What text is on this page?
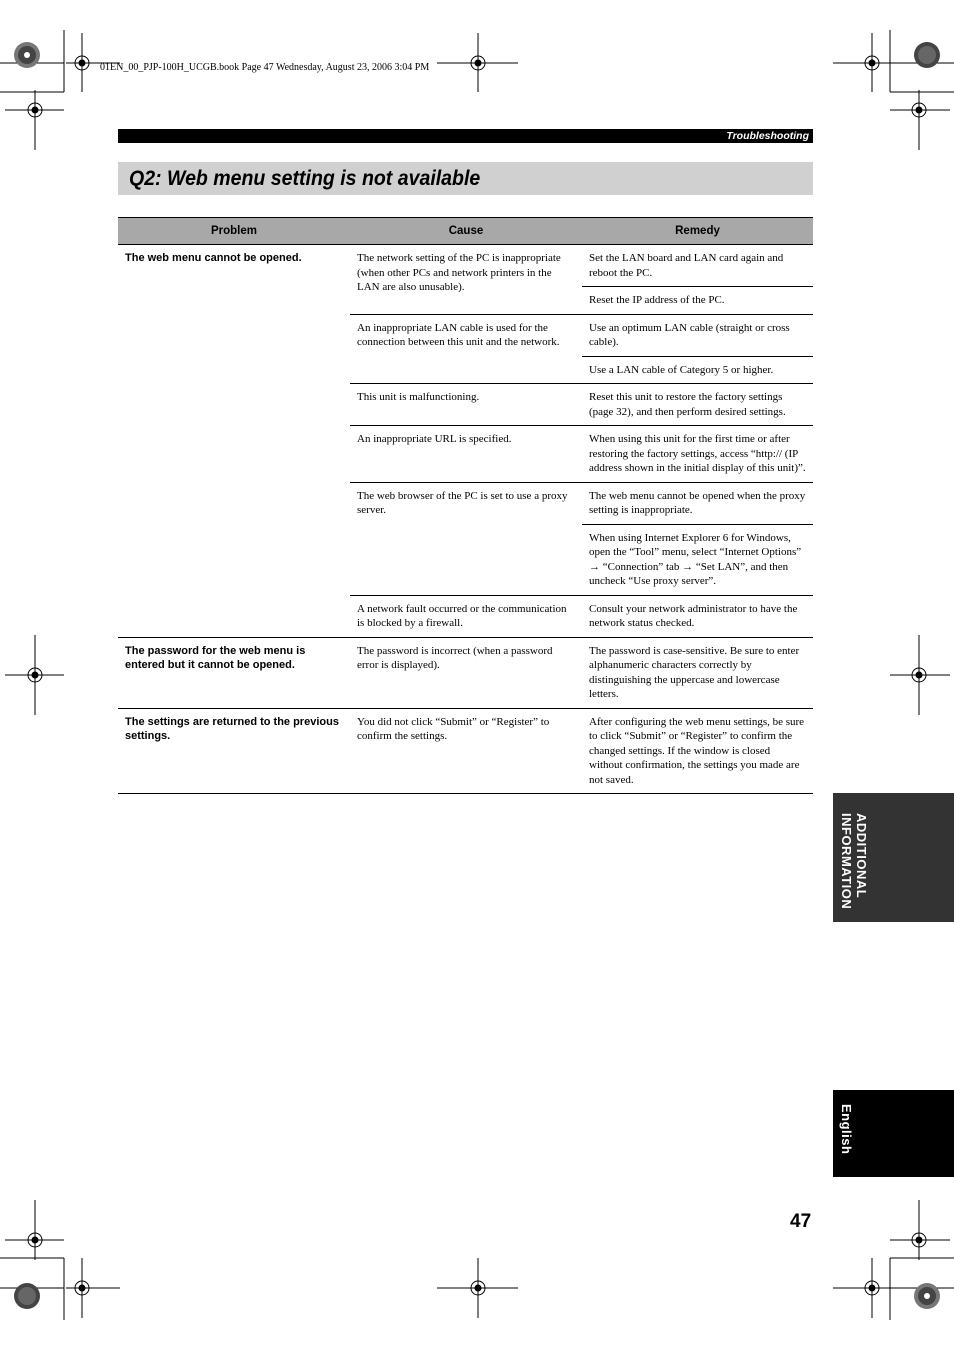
01EN_00_PJP-100H_UCGB.book Page 47 Wednesday, August 23, 2006 3:04 PM
Troubleshooting
Q2: Web menu setting is not available
Problem	Cause	Remedy
The web menu cannot be opened.	The network setting of the PC is inappropriate (when other PCs and network printers in the LAN are also unusable).	Set the LAN board and LAN card again and reboot the PC.
		Reset the IP address of the PC.
	An inappropriate LAN cable is used for the connection between this unit and the network.	Use an optimum LAN cable (straight or cross cable).
		Use a LAN cable of Category 5 or higher.
	This unit is malfunctioning.	Reset this unit to restore the factory settings (page 32), and then perform desired settings.
	An inappropriate URL is specified.	When using this unit for the first time or after restoring the factory settings, access “http:// (IP address shown in the initial display of this unit)”.
	The web browser of the PC is set to use a proxy server.	The web menu cannot be opened when the proxy setting is inappropriate.
		When using Internet Explorer 6 for Windows, open the “Tool” menu, select “Internet Options” → “Connection” tab → “Set LAN”, and then uncheck “Use proxy server”.
	A network fault occurred or the communication is blocked by a firewall.	Consult your network administrator to have the network status checked.
The password for the web menu is entered but it cannot be opened.	The password is incorrect (when a password error is displayed).	The password is case-sensitive. Be sure to enter alphanumeric characters correctly by distinguishing the uppercase and lowercase letters.
The settings are returned to the previous settings.	You did not click “Submit” or “Register” to confirm the settings.	After configuring the web menu settings, be sure to click “Submit” or “Register” to confirm the changed settings. If the window is closed without confirmation, the settings you made are not saved.
ADDITIONAL
INFORMATION
English
47
